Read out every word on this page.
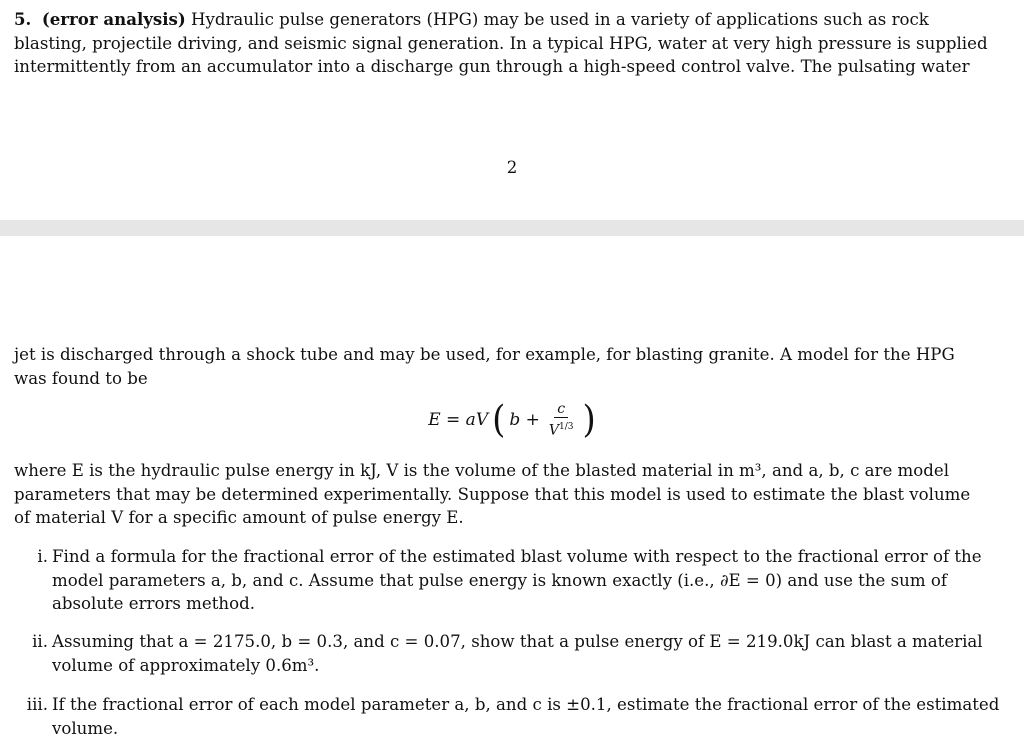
5. (error analysis) Hydraulic pulse generators (HPG) may be used in a variety of applications such as rock
blasting, projectile driving, and seismic signal generation. In a typical HPG, water at very high pressure is supplied
intermittently from an accumulator into a discharge gun through a high-speed control valve. The pulsating water
2
jet is discharged through a shock tube and may be used, for example, for blasting granite. A model for the HPG
was found to be
E = aV ( $b + \frac{c}{V^{1/3}}$ )
where E is the hydraulic pulse energy in kJ, V is the volume of the blasted material in m³, and a, b, c are model
parameters that may be determined experimentally. Suppose that this model is used to estimate the blast volume
of material V for a specific amount of pulse energy E.
i. Find a formula for the fractional error of the estimated blast volume with respect to the fractional error of the
model parameters a, b, and c. Assume that pulse energy is known exactly (i.e., ∂E = 0) and use the sum of
absolute errors method.
ii. Assuming that a = 2175.0, b = 0.3, and c = 0.07, show that a pulse energy of E = 219.0kJ can blast a material
volume of approximately 0.6m³.
iii. If the fractional error of each model parameter a, b, and c is ±0.1, estimate the fractional error of the estimated
volume.
